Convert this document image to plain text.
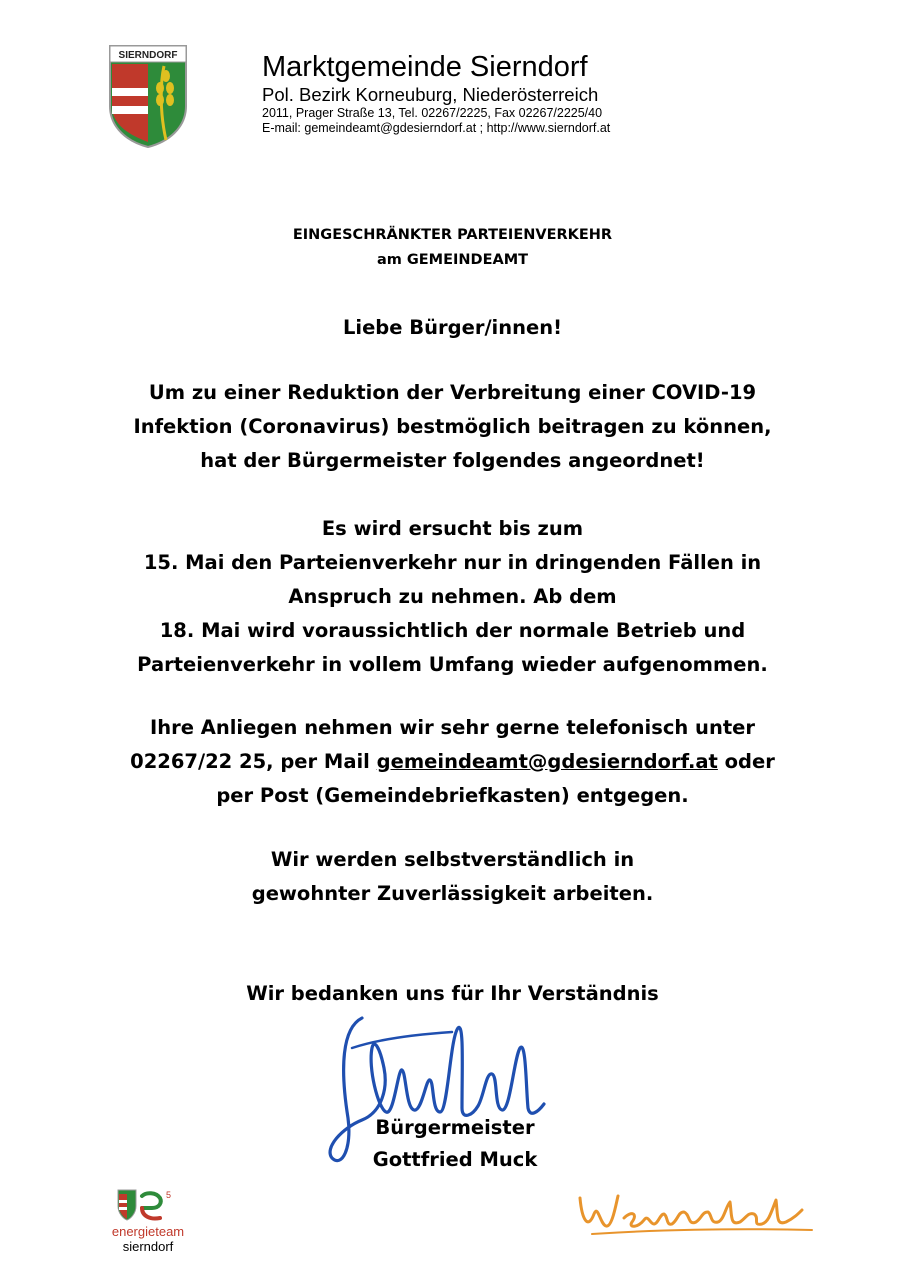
SIERNDORF	Marktgemeinde Sierndorf
Pol. Bezirk Korneuburg, Niederösterreich
2011, Prager Straße 13, Tel. 02267/2225, Fax 02267/2225/40
E-mail: gemeindeamt@gdesierndorf.at ; http://www.sierndorf.at
EINGESCHRÄNKTER PARTEIENVERKEHR
am GEMEINDEAMT
Liebe Bürger/innen!
Um zu einer Reduktion der Verbreitung einer COVID-19
Infektion (Coronavirus) bestmöglich beitragen zu können,
hat der Bürgermeister folgendes angeordnet!
Es wird ersucht bis zum
15. Mai den Parteienverkehr nur in dringenden Fällen in
Anspruch zu nehmen. Ab dem
18. Mai wird voraussichtlich der normale Betrieb und
Parteienverkehr in vollem Umfang wieder aufgenommen.
Ihre Anliegen nehmen wir sehr gerne telefonisch unter
02267/22 25, per Mail gemeindeamt@gdesierndorf.at oder
per Post (Gemeindebriefkasten) entgegen.
Wir werden selbstverständlich in
gewohnter Zuverlässigkeit arbeiten.
Wir bedanken uns für Ihr Verständnis
Bürgermeister
Gottfried Muck
5
energieteam
sierndorf
